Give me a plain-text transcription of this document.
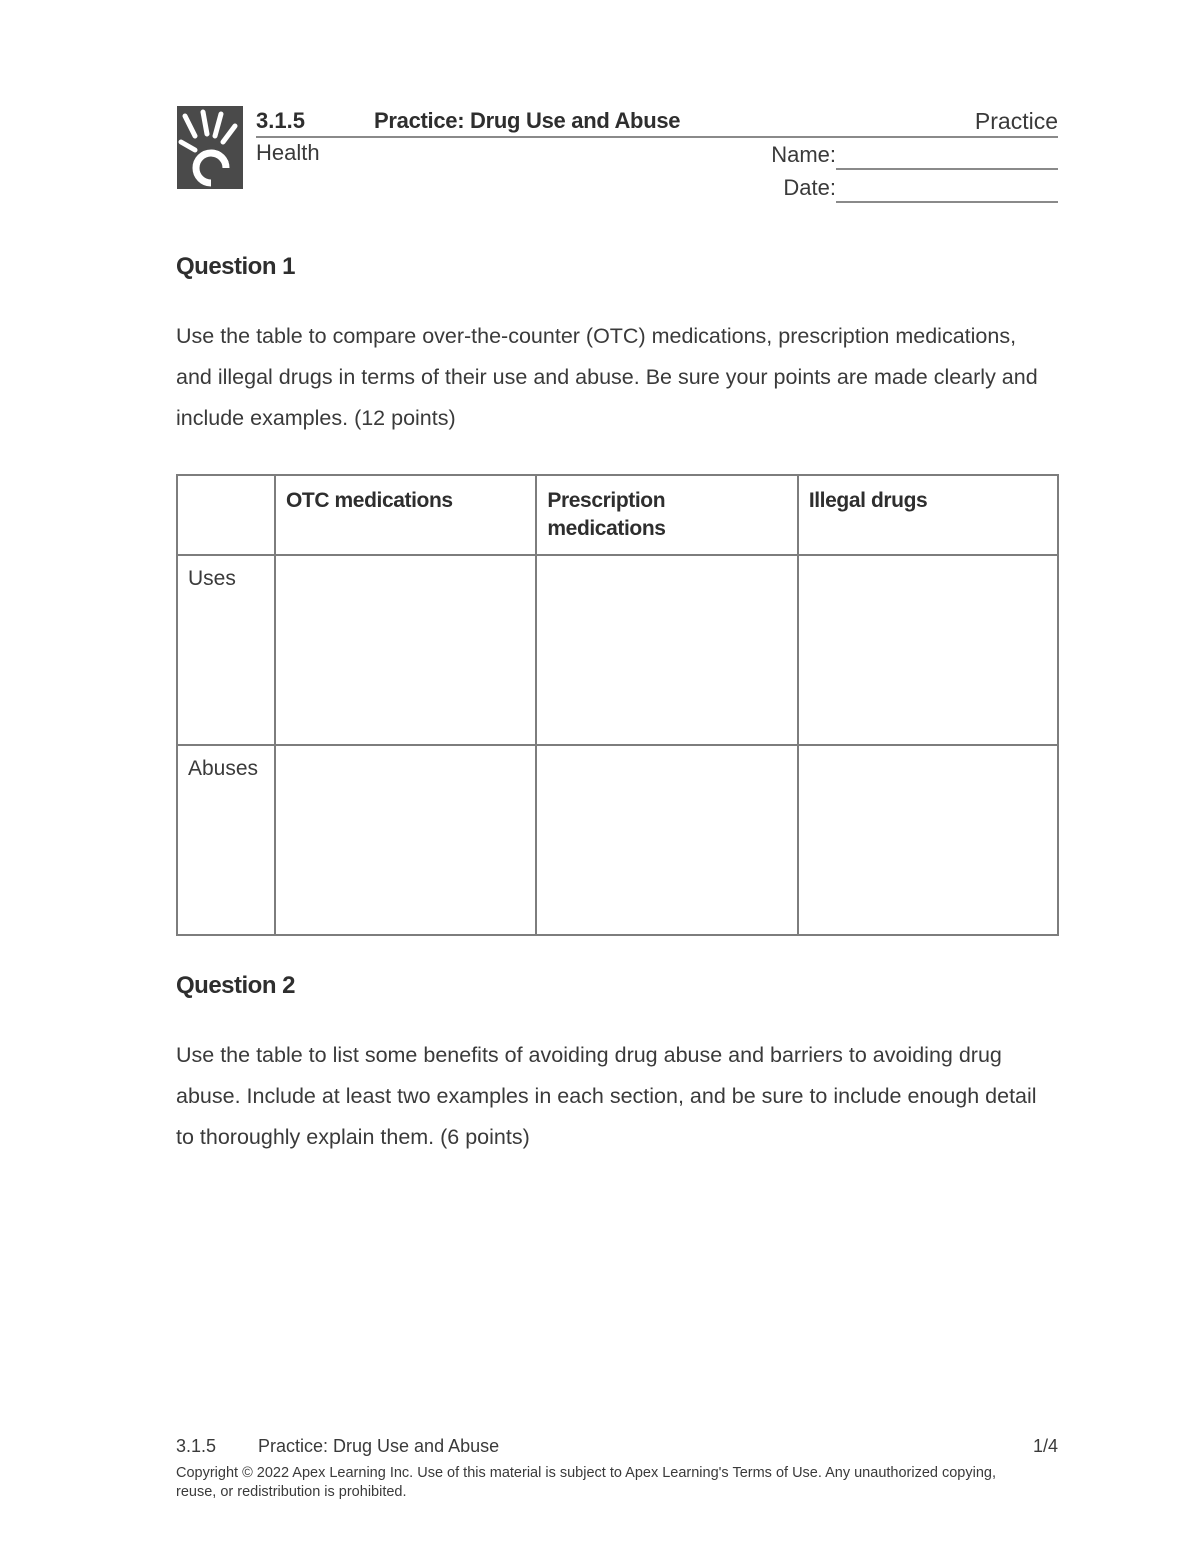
3.1.5	Practice: Drug Use and Abuse	Practice
Health	Name:
Date:
Question 1
Use the table to compare over-the-counter (OTC) medications, prescription medications, and illegal drugs in terms of their use and abuse. Be sure your points are made clearly and include examples. (12 points)
	OTC medications	Prescription medications	Illegal drugs
Uses			
Abuses			
Question 2
Use the table to list some benefits of avoiding drug abuse and barriers to avoiding drug abuse. Include at least two examples in each section, and be sure to include enough detail to thoroughly explain them. (6 points)
3.1.5 Practice: Drug Use and Abuse	1/4
Copyright © 2022 Apex Learning Inc. Use of this material is subject to Apex Learning's Terms of Use. Any unauthorized copying, reuse, or redistribution is prohibited.
